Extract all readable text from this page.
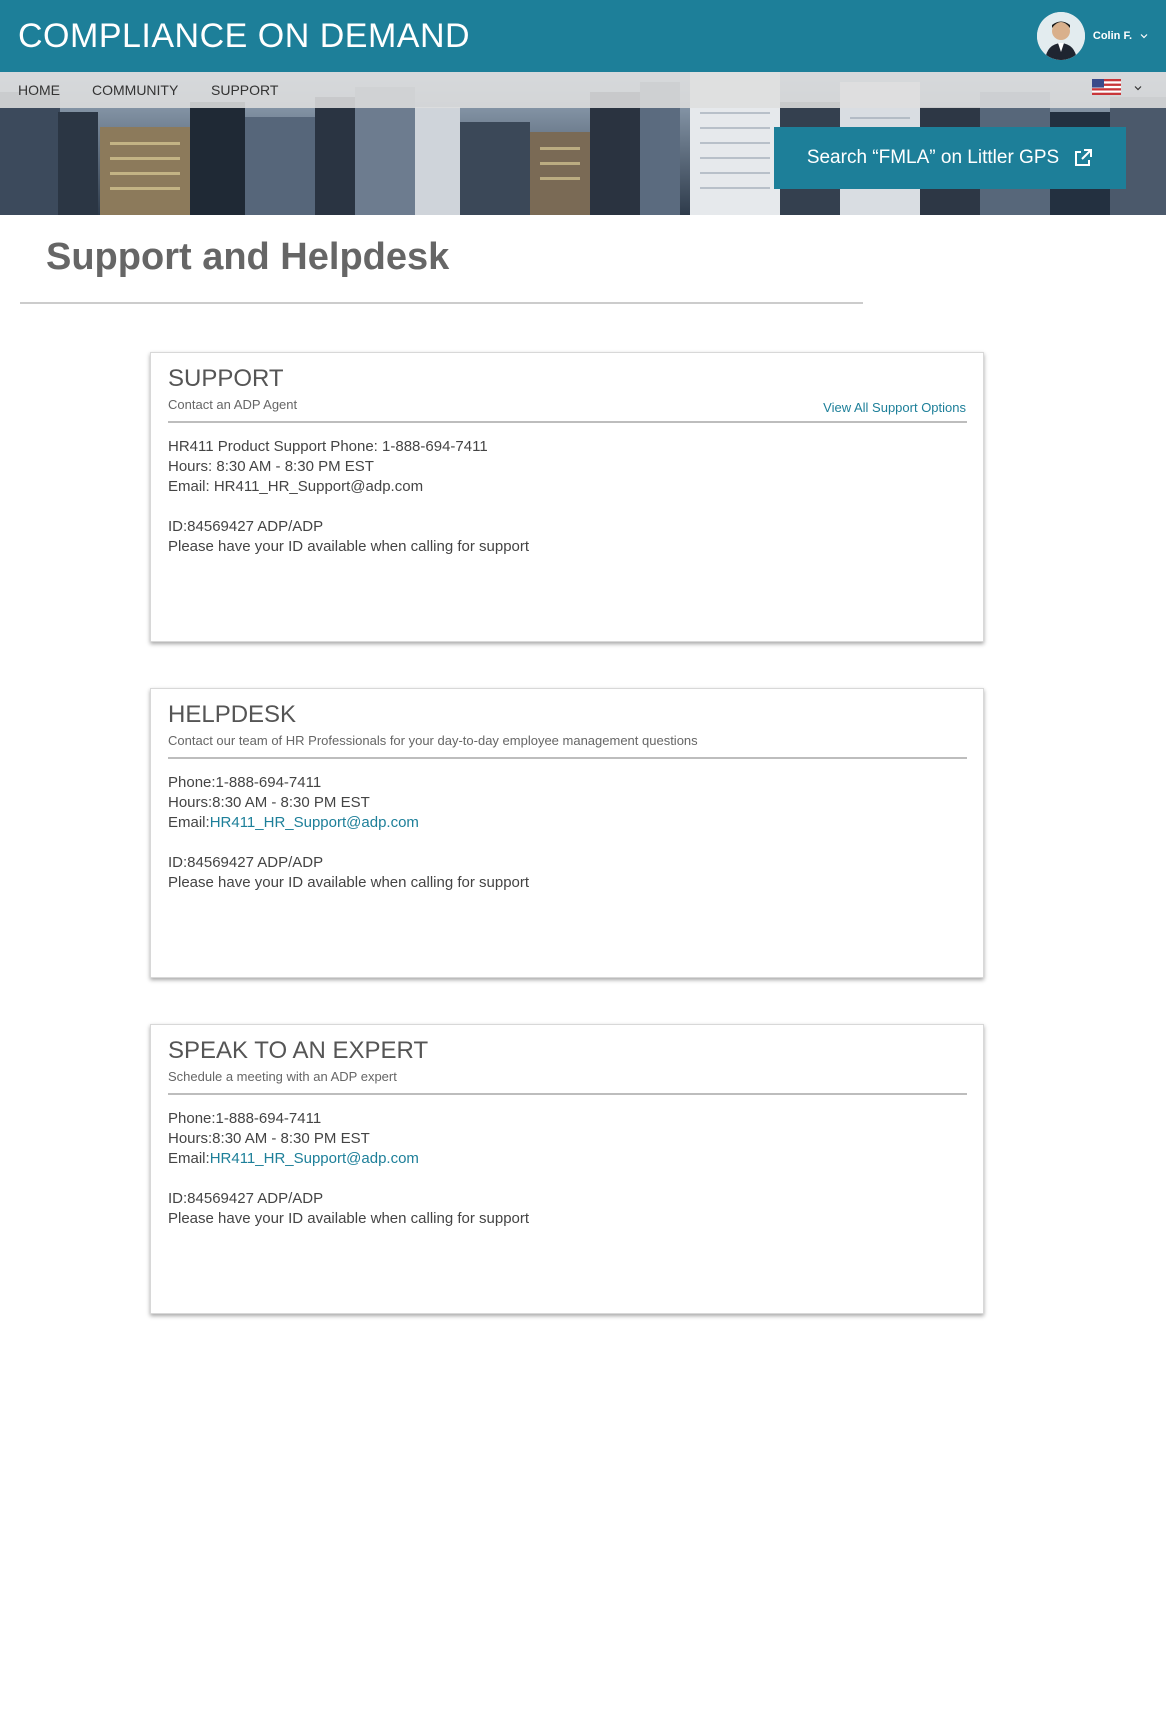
COMPLIANCE ON DEMAND	Colin F.
HOME COMMUNITY SUPPORT
Search “FMLA” on Littler GPS
Support and Helpdesk
SUPPORT
Contact an ADP Agent	View All Support Options
HR411 Product Support Phone: 1-888-694-7411
Hours: 8:30 AM - 8:30 PM EST
Email: HR411_HR_Support@adp.com
ID:84569427 ADP/ADP
Please have your ID available when calling for support
HELPDESK
Contact our team of HR Professionals for your day-to-day employee management questions
Phone:1-888-694-7411
Hours:8:30 AM - 8:30 PM EST
Email:HR411_HR_Support@adp.com
ID:84569427 ADP/ADP
Please have your ID available when calling for support
SPEAK TO AN EXPERT
Schedule a meeting with an ADP expert
Phone:1-888-694-7411
Hours:8:30 AM - 8:30 PM EST
Email:HR411_HR_Support@adp.com
ID:84569427 ADP/ADP
Please have your ID available when calling for support
